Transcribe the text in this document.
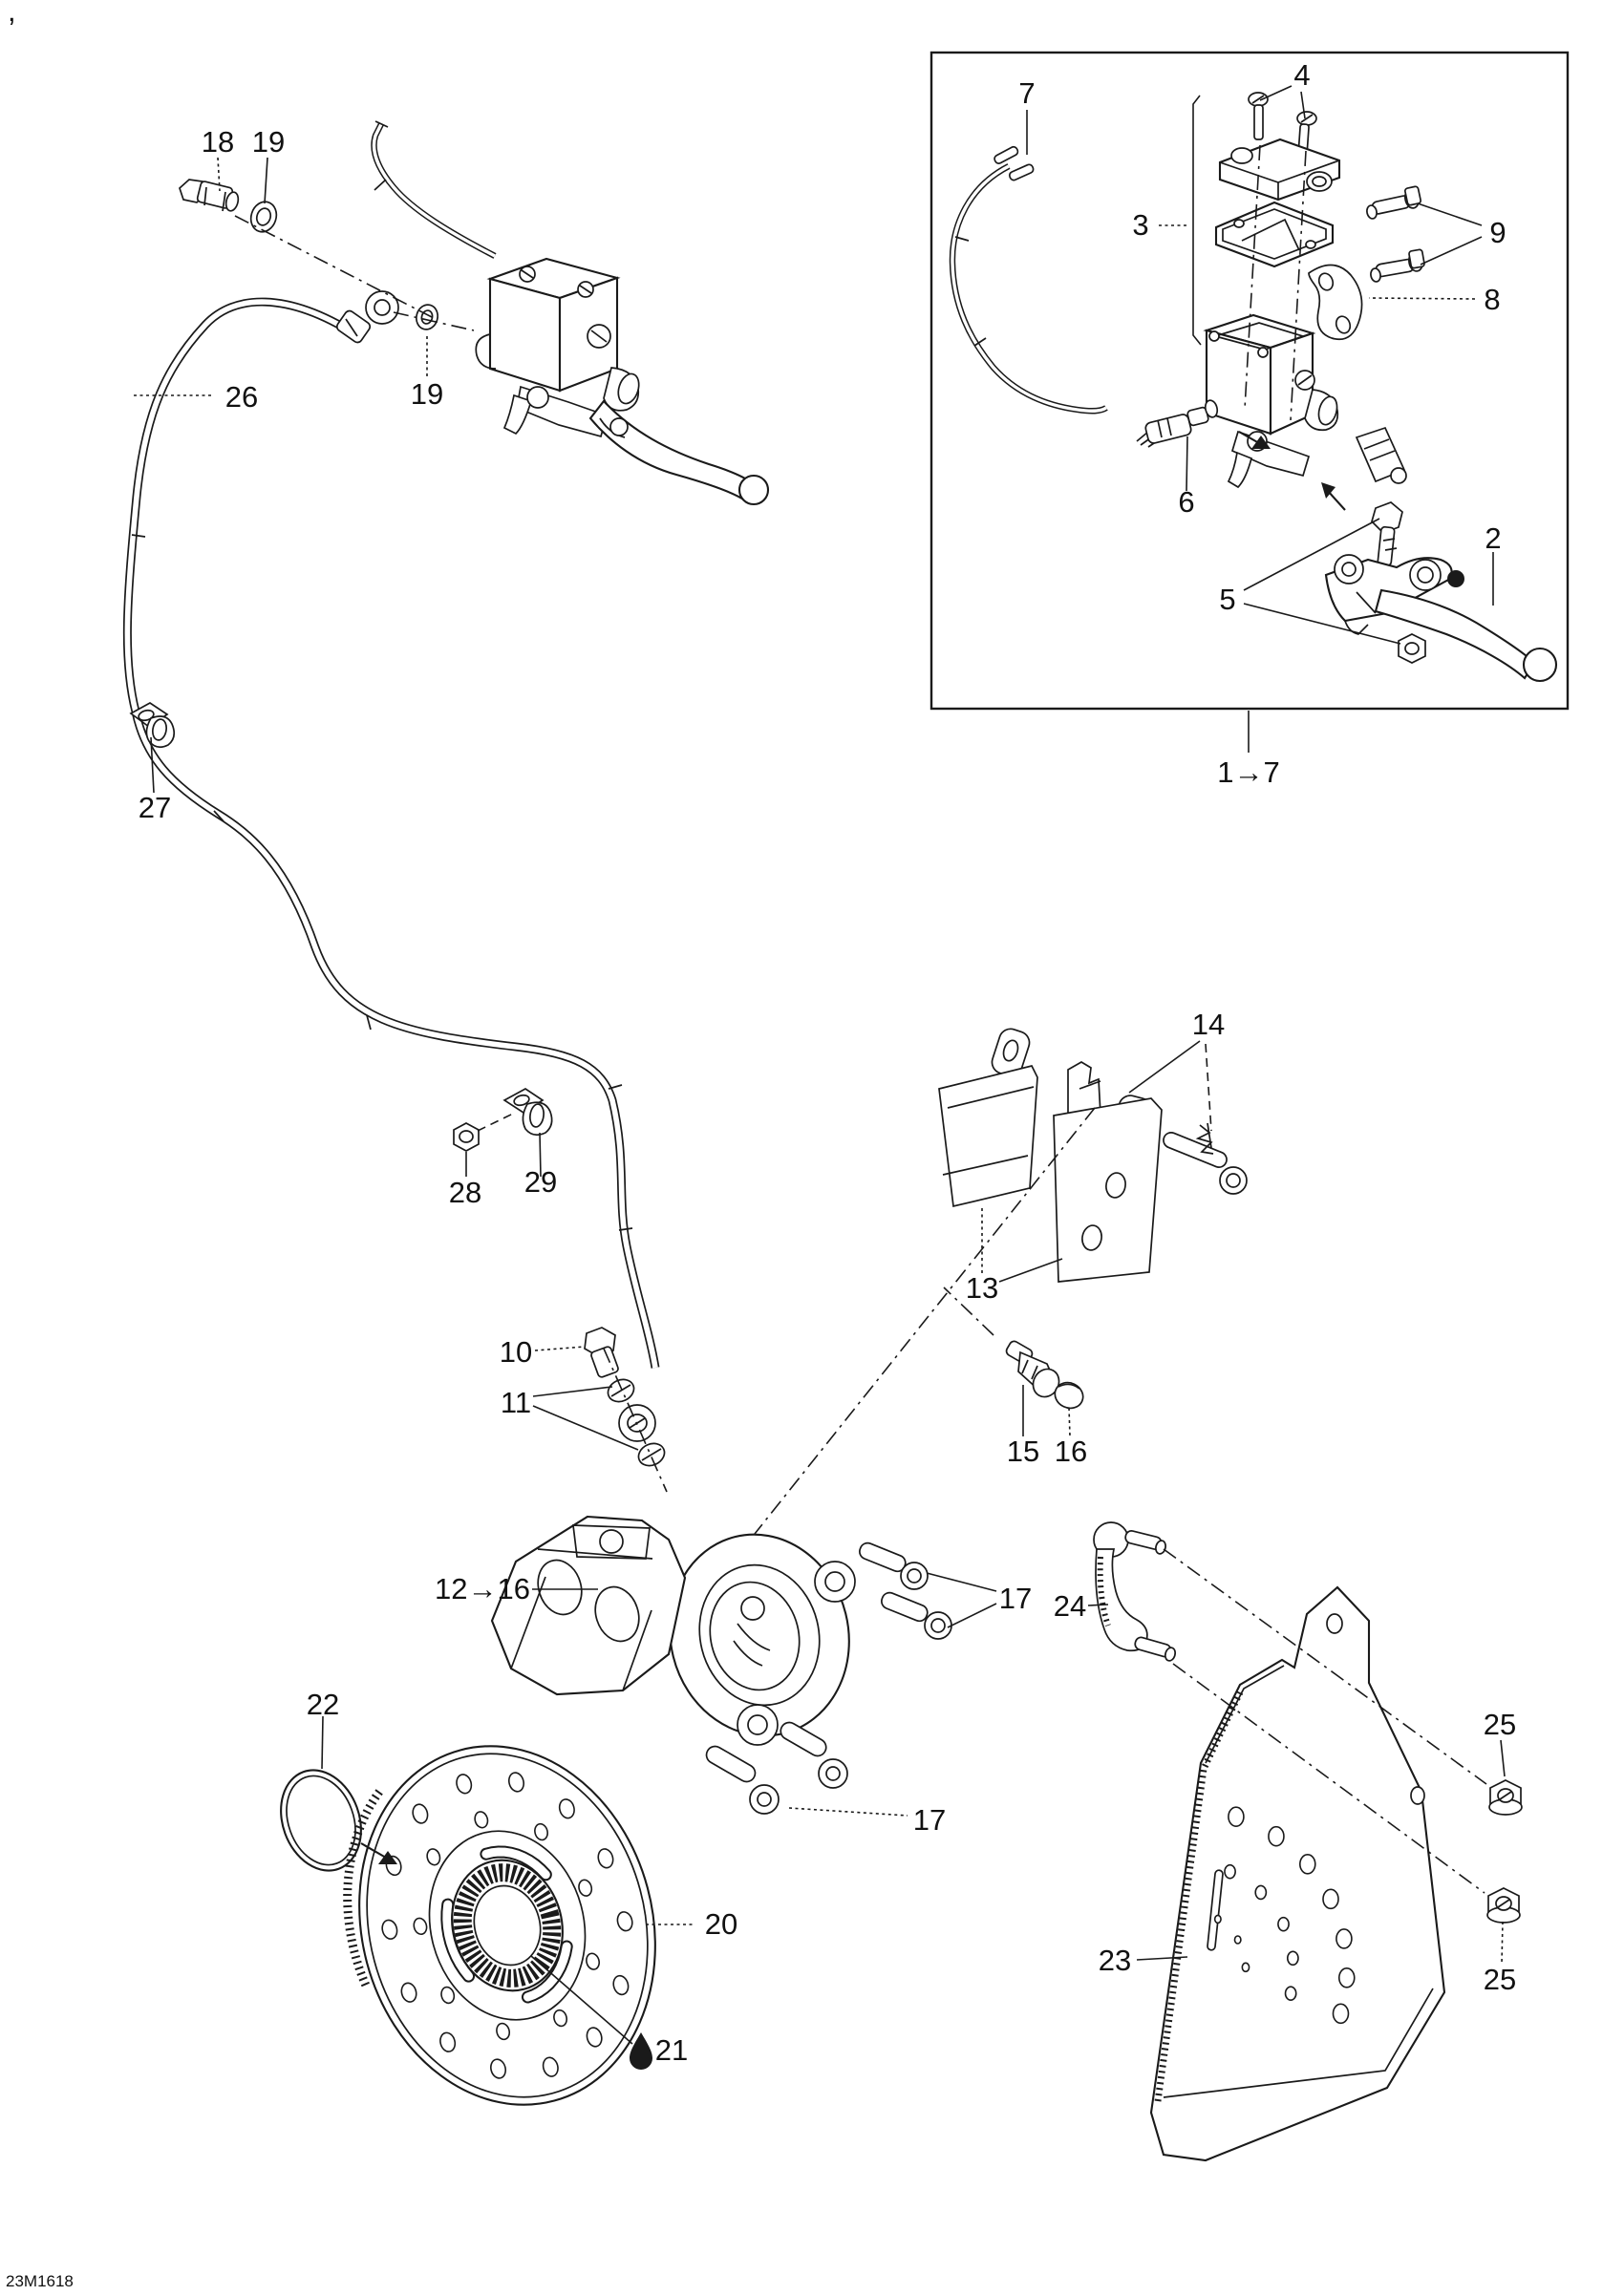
18 19
26	19
27
28 29
7
4
3	9
8
6
2
5
1→7
14
13
15 16
10
11
12→16	17
17
22
20
21
24
23
25
25
,
23M1618
